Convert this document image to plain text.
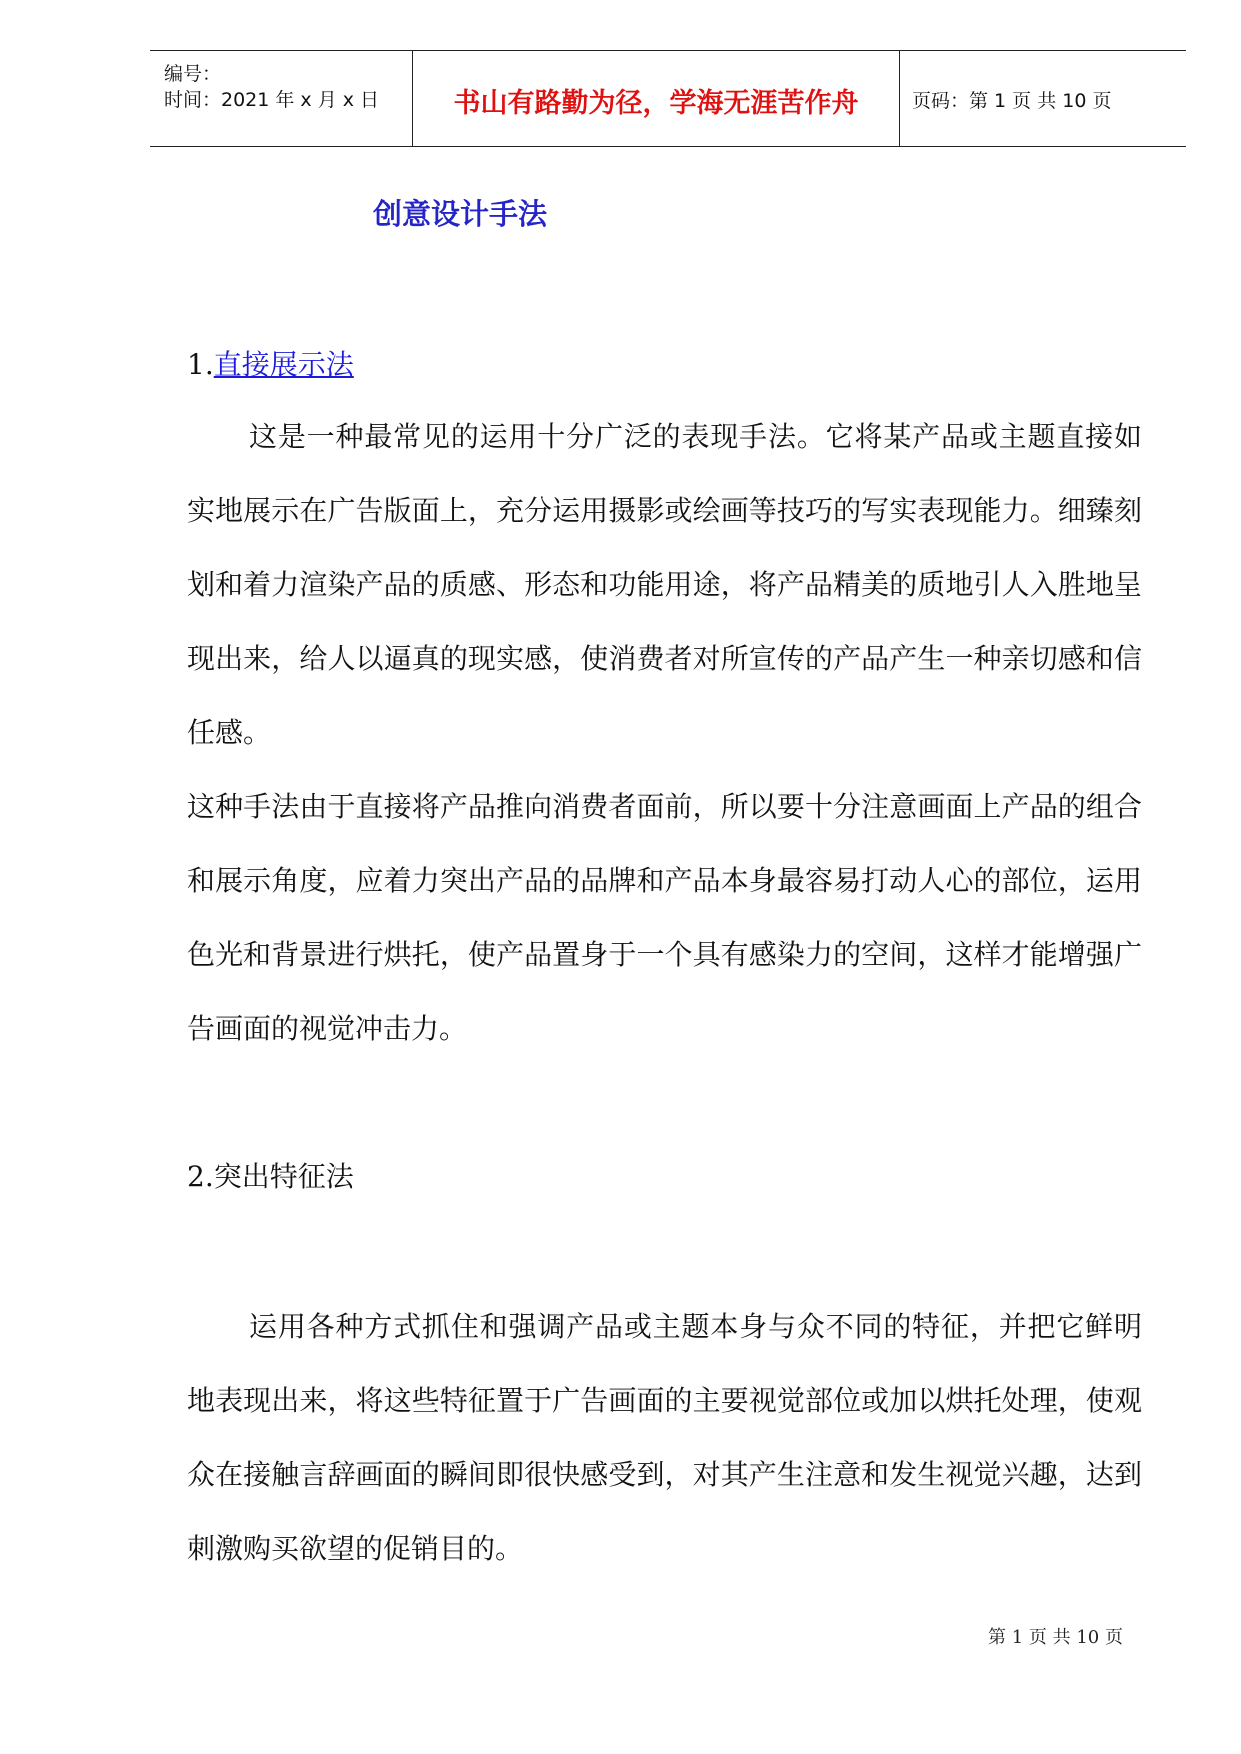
编号：
时间：2021 年 x 月 x 日	书山有路勤为径，学海无涯苦作舟	页码：第 1 页 共 10 页
创意设计手法
1.直接展示法

这是一种最常见的运用十分广泛的表现手法。它将某产品或主题直接如实地展示在广告版面上，充分运用摄影或绘画等技巧的写实表现能力。细臻刻划和着力渲染产品的质感、形态和功能用途，将产品精美的质地引人入胜地呈现出来，给人以逼真的现实感，使消费者对所宣传的产品产生一种亲切感和信任感。

这种手法由于直接将产品推向消费者面前，所以要十分注意画面上产品的组合和展示角度，应着力突出产品的品牌和产品本身最容易打动人心的部位，运用色光和背景进行烘托，使产品置身于一个具有感染力的空间，这样才能增强广告画面的视觉冲击力。

2.突出特征法

运用各种方式抓住和强调产品或主题本身与众不同的特征，并把它鲜明地表现出来，将这些特征置于广告画面的主要视觉部位或加以烘托处理，使观众在接触言辞画面的瞬间即很快感受到，对其产生注意和发生视觉兴趣，达到刺激购买欲望的促销目的。

第 1 页 共 10 页
